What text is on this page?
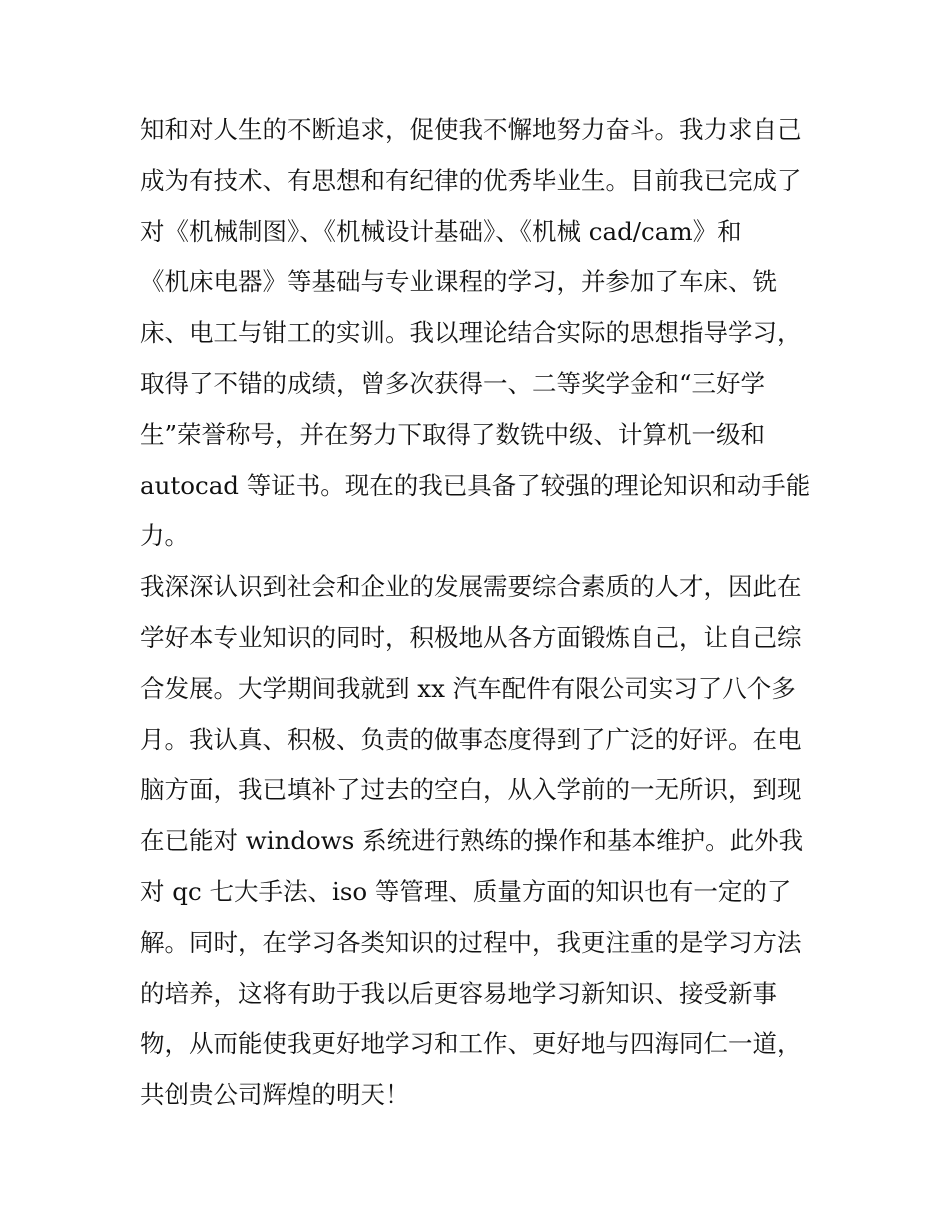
知和对人生的不断追求，促使我不懈地努力奋斗。我力求自己
成为有技术、有思想和有纪律的优秀毕业生。目前我已完成了
对《机械制图》、《机械设计基础》、《机械 cad/cam》和
《机床电器》等基础与专业课程的学习，并参加了车床、铣
床、电工与钳工的实训。我以理论结合实际的思想指导学习，
取得了不错的成绩，曾多次获得一、二等奖学金和“三好学
生”荣誉称号，并在努力下取得了数铣中级、计算机一级和
autocad 等证书。现在的我已具备了较强的理论知识和动手能
力。
我深深认识到社会和企业的发展需要综合素质的人才，因此在
学好本专业知识的同时，积极地从各方面锻炼自己，让自己综
合发展。大学期间我就到 xx 汽车配件有限公司实习了八个多
月。我认真、积极、负责的做事态度得到了广泛的好评。在电
脑方面，我已填补了过去的空白，从入学前的一无所识，到现
在已能对 windows 系统进行熟练的操作和基本维护。此外我
对 qc 七大手法、iso 等管理、质量方面的知识也有一定的了
解。同时，在学习各类知识的过程中，我更注重的是学习方法
的培养，这将有助于我以后更容易地学习新知识、接受新事
物，从而能使我更好地学习和工作、更好地与四海同仁一道，
共创贵公司辉煌的明天！
